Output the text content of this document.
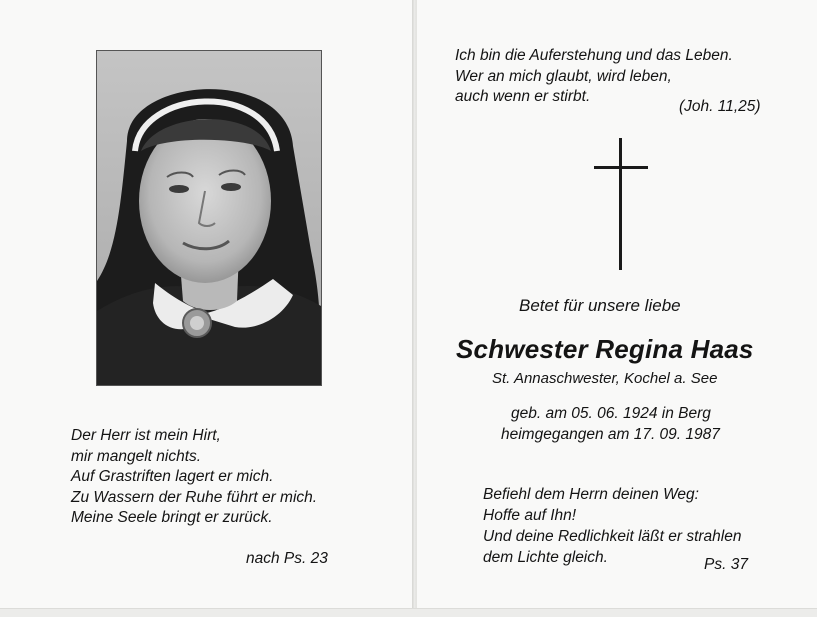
Der Herr ist mein Hirt,
mir mangelt nichts.
Auf Grastriften lagert er mich.
Zu Wassern der Ruhe führt er mich.
Meine Seele bringt er zurück.
nach Ps. 23
Ich bin die Auferstehung und das Leben.
Wer an mich glaubt, wird leben,
auch wenn er stirbt.
(Joh. 11,25)
Betet für unsere liebe
Schwester Regina Haas
St. Annaschwester, Kochel a. See
geb. am 05. 06. 1924 in Berg
heimgegangen am 17. 09. 1987
Befiehl dem Herrn deinen Weg:
Hoffe auf Ihn!
Und deine Redlichkeit läßt er strahlen
dem Lichte gleich.	Ps. 37
